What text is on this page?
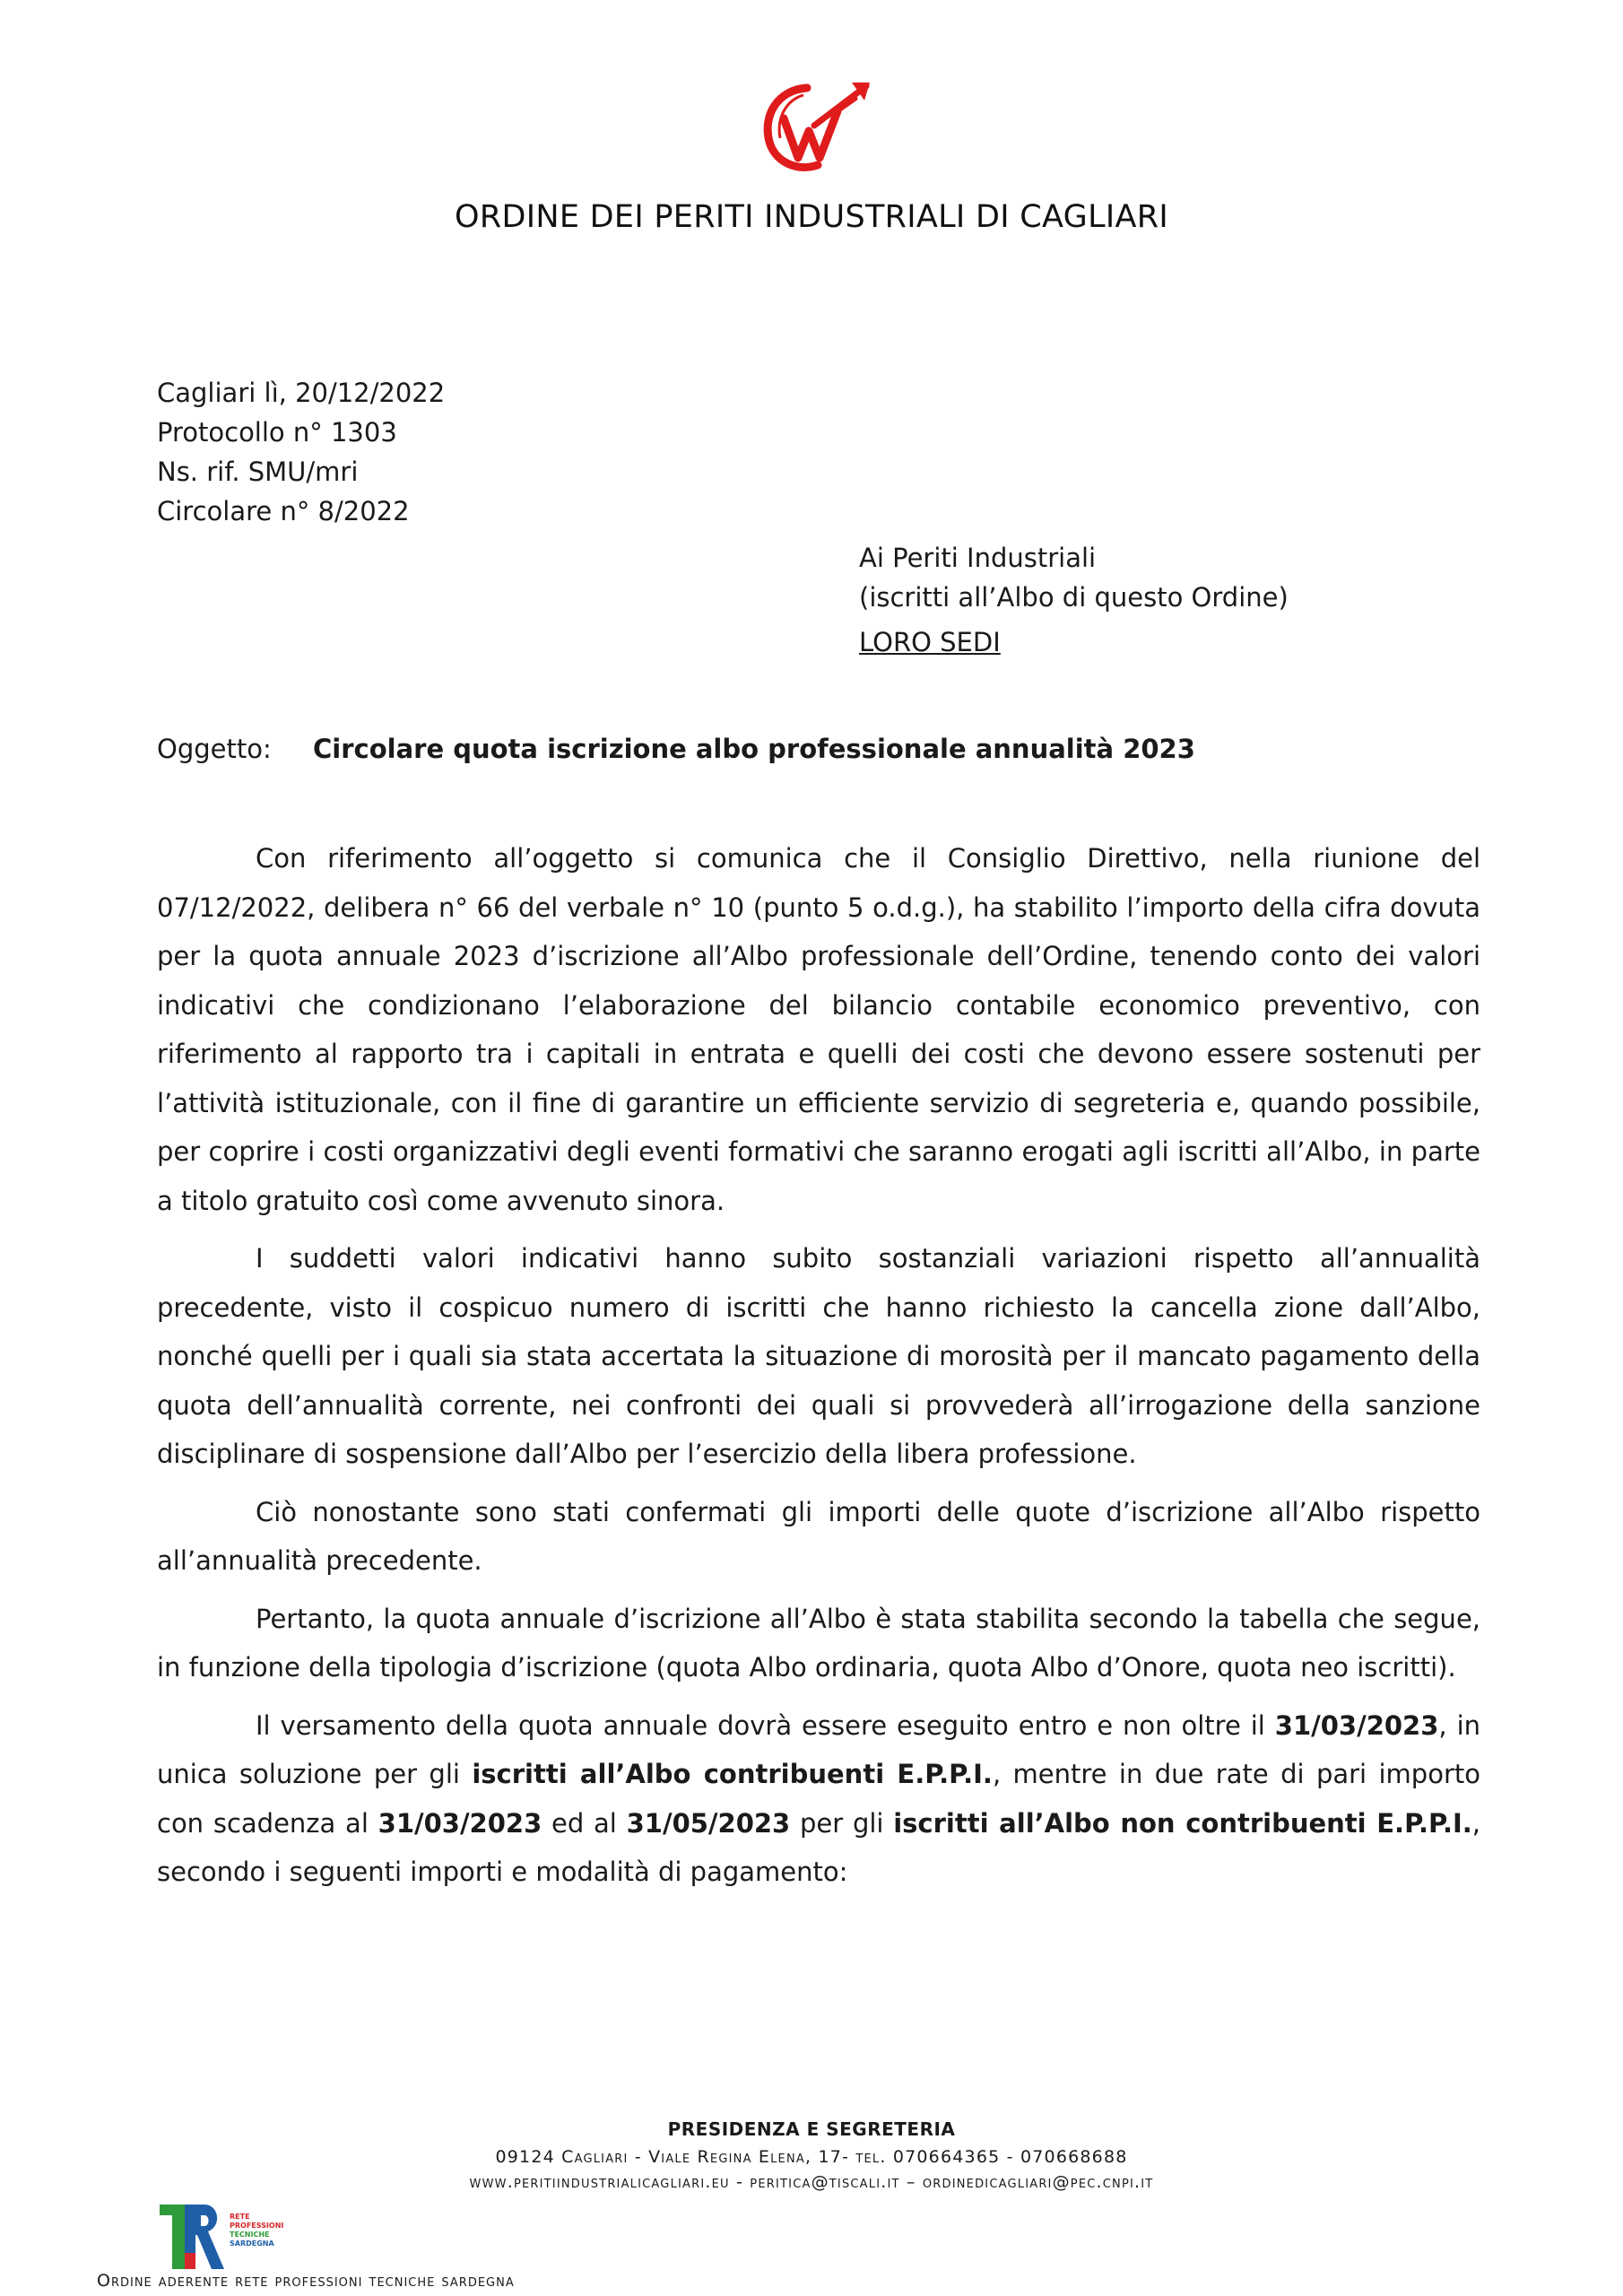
ORDINE DEI PERITI INDUSTRIALI DI CAGLIARI
Cagliari lì, 20/12/2022
Protocollo n° 1303
Ns. rif. SMU/mri
Circolare n° 8/2022
Ai Periti Industriali
(iscritti all’Albo di questo Ordine)
LORO SEDI
Oggetto: Circolare quota iscrizione albo professionale annualità 2023

Con riferimento all’oggetto si comunica che il Consiglio Direttivo, nella riunione del 07/12/2022, delibera n° 66 del verbale n° 10 (punto 5 o.d.g.), ha stabilito l’importo della cifra dovuta per la quota annuale 2023 d’iscrizione all’Albo professionale dell’Ordine, tenendo conto dei valori indicativi che condizionano l’elaborazione del bilancio contabile economico preventivo, con riferimento al rapporto tra i capitali in entrata e quelli dei costi che devono essere sostenuti per l’attività istituzionale, con il fine di garantire un efficiente servizio di segreteria e, quando possibile, per coprire i costi organizzativi degli eventi formativi che saranno erogati agli iscritti all’Albo, in parte a titolo gratuito così come avvenuto sinora.

I suddetti valori indicativi hanno subito sostanziali variazioni rispetto all’annualità precedente, visto il cospicuo numero di iscritti che hanno richiesto la cancella zione dall’Albo, nonché quelli per i quali sia stata accertata la situazione di morosità per il mancato pagamento della quota dell’annualità corrente, nei confronti dei quali si provvederà all’irrogazione della sanzione disciplinare di sospensione dall’Albo per l’esercizio della libera professione.

Ciò nonostante sono stati confermati gli importi delle quote d’iscrizione all’Albo rispetto all’annualità precedente.

Pertanto, la quota annuale d’iscrizione all’Albo è stata stabilita secondo la tabella che segue, in funzione della tipologia d’iscrizione (quota Albo ordinaria, quota Albo d’Onore, quota neo iscritti).

Il versamento della quota annuale dovrà essere eseguito entro e non oltre il 31/03/2023, in unica soluzione per gli iscritti all’Albo contribuenti E.P.P.I., mentre in due rate di pari importo con scadenza al 31/03/2023 ed al 31/05/2023 per gli iscritti all’Albo non contribuenti E.P.P.I., secondo i seguenti importi e modalità di pagamento:

PRESIDENZA E SEGRETERIA
09124 Cagliari - Viale Regina Elena, 17- tel. 070664365 - 070668688
www.peritiindustrialicagliari.eu - peritica@tiscali.it – ordinedicagliari@pec.cnpi.it
RETE
PROFESSIONI
TECNICHE
SARDEGNA
Ordine aderente rete professioni tecniche sardegna
